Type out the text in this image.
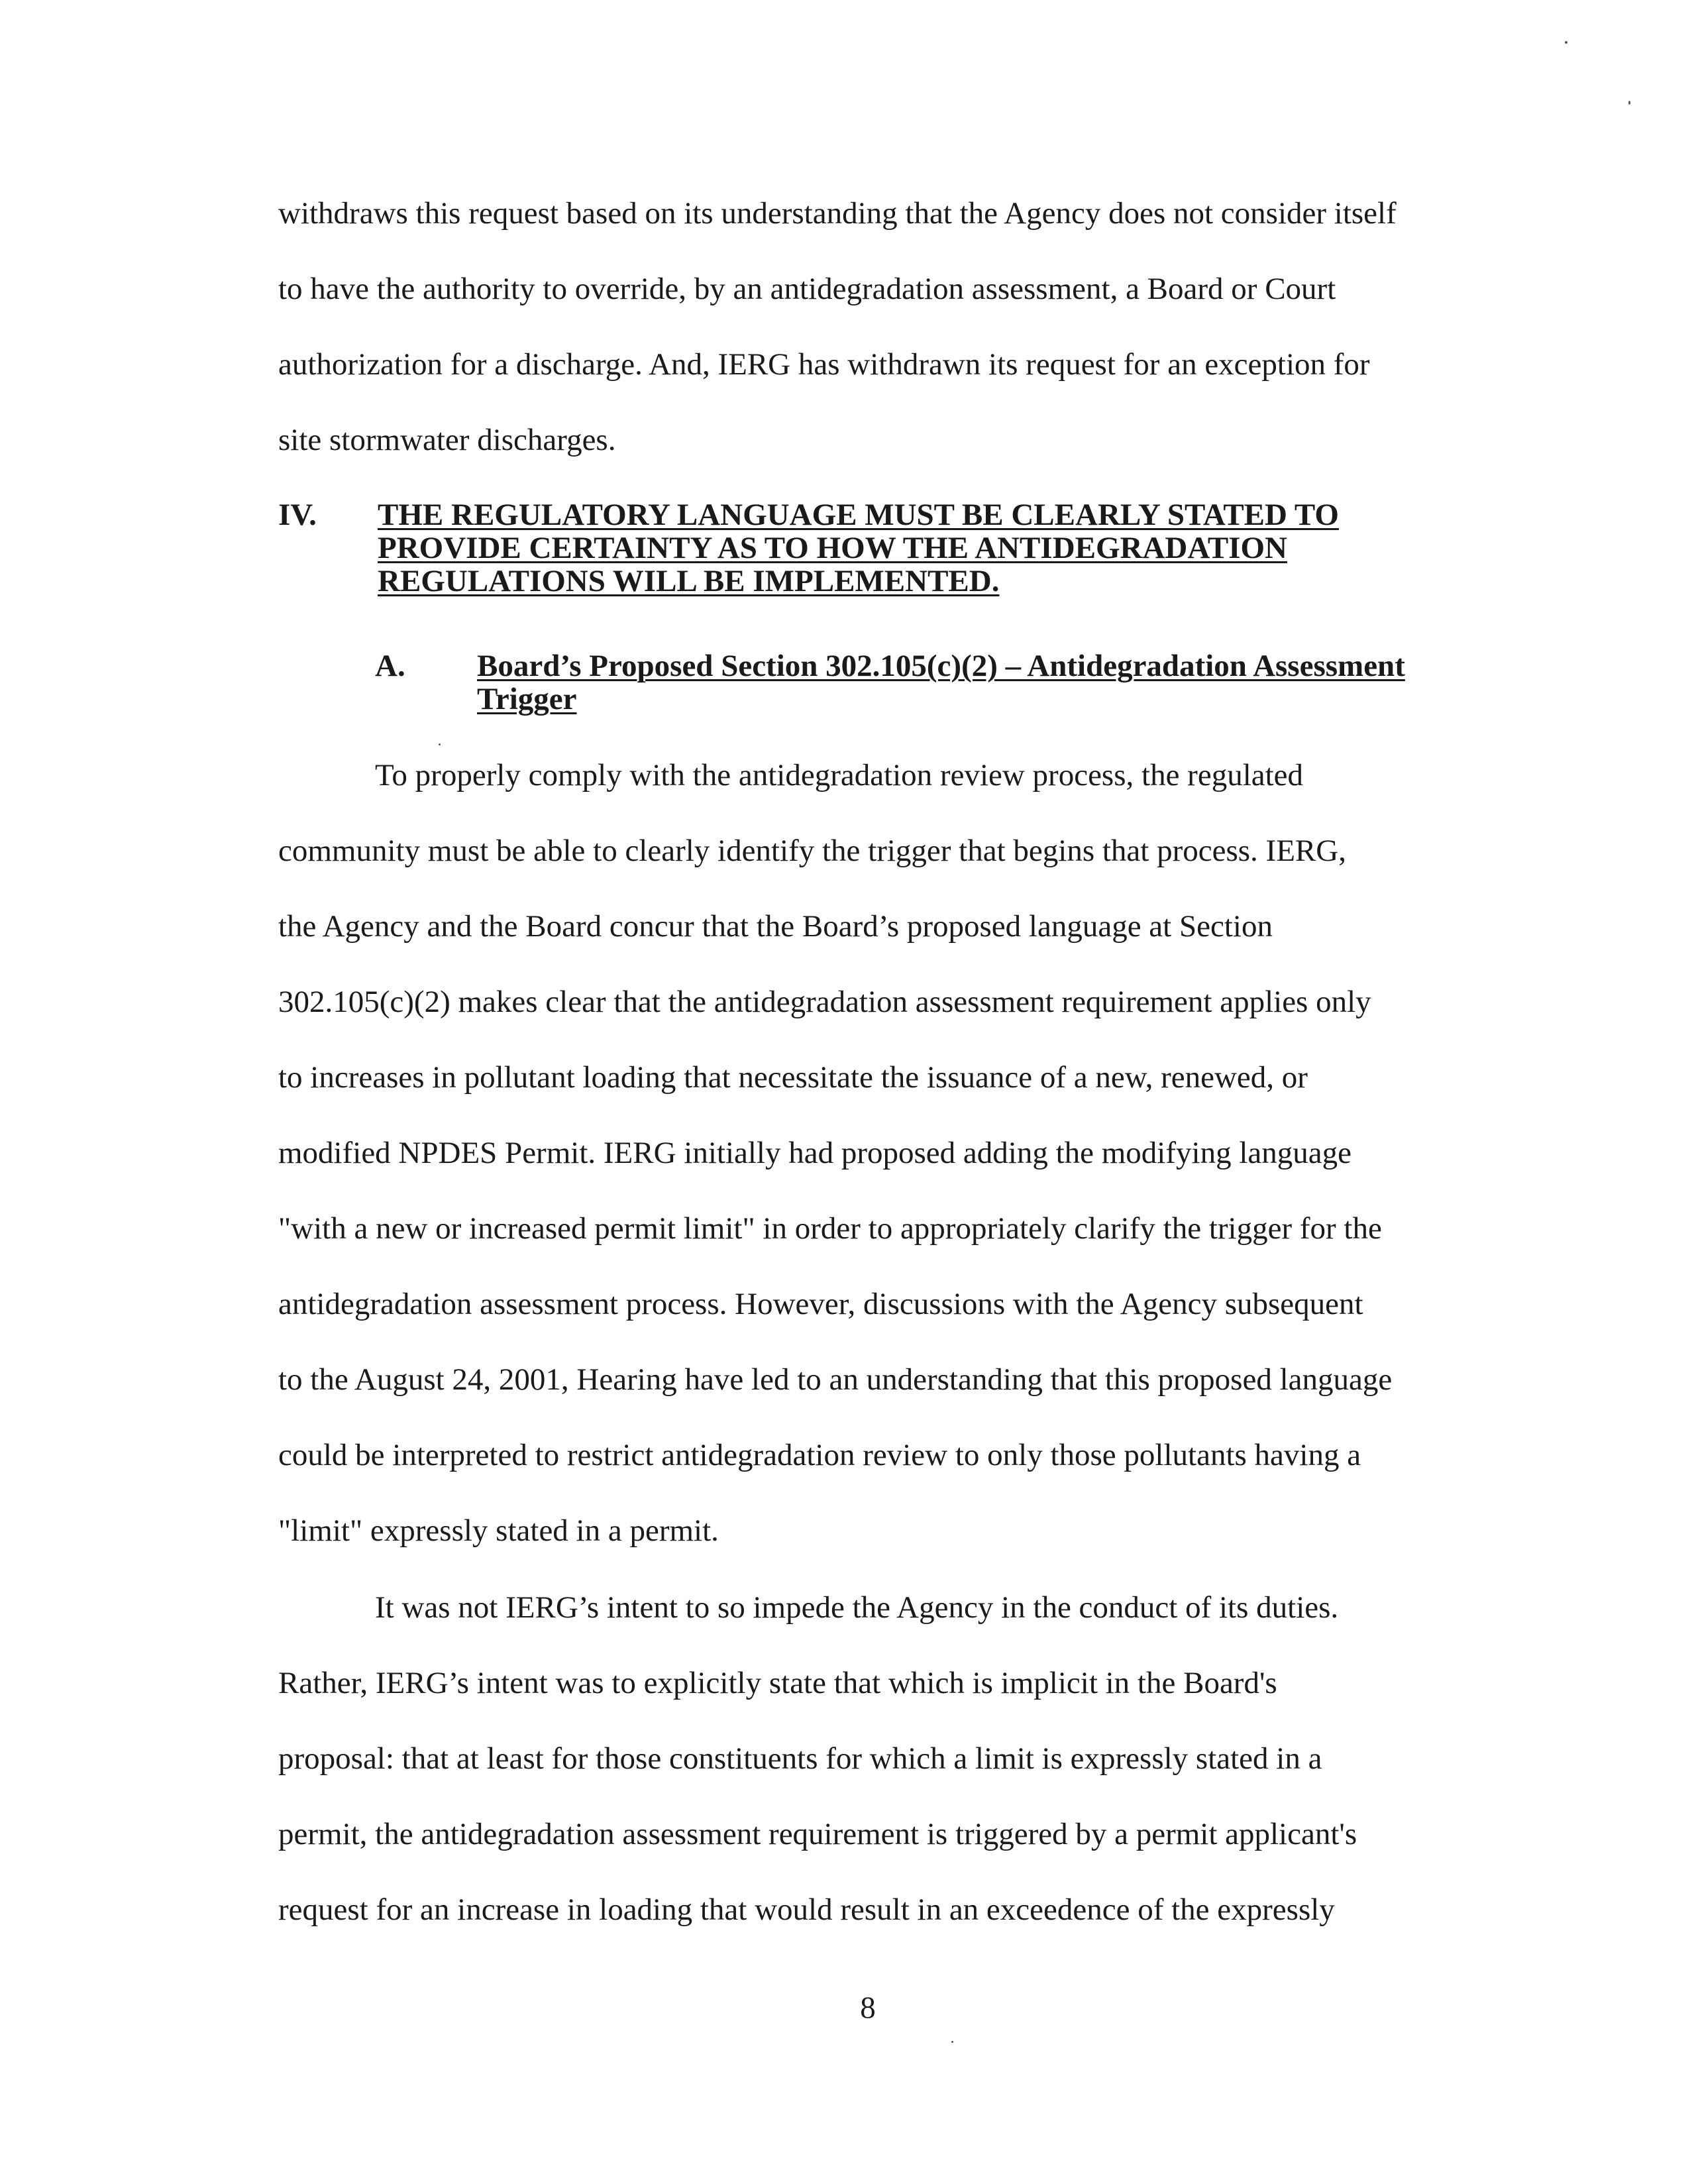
withdraws this request based on its understanding that the Agency does not consider itself
to have the authority to override, by an antidegradation assessment, a Board or Court
authorization for a discharge. And, IERG has withdrawn its request for an exception for
site stormwater discharges.
IV. THE REGULATORY LANGUAGE MUST BE CLEARLY STATED TO
PROVIDE CERTAINTY AS TO HOW THE ANTIDEGRADATION
REGULATIONS WILL BE IMPLEMENTED.
A. Board’s Proposed Section 302.105(c)(2) – Antidegradation Assessment
Trigger
To properly comply with the antidegradation review process, the regulated
community must be able to clearly identify the trigger that begins that process. IERG,
the Agency and the Board concur that the Board’s proposed language at Section
302.105(c)(2) makes clear that the antidegradation assessment requirement applies only
to increases in pollutant loading that necessitate the issuance of a new, renewed, or
modified NPDES Permit. IERG initially had proposed adding the modifying language
"with a new or increased permit limit" in order to appropriately clarify the trigger for the
antidegradation assessment process. However, discussions with the Agency subsequent
to the August 24, 2001, Hearing have led to an understanding that this proposed language
could be interpreted to restrict antidegradation review to only those pollutants having a
"limit" expressly stated in a permit.
It was not IERG’s intent to so impede the Agency in the conduct of its duties.
Rather, IERG’s intent was to explicitly state that which is implicit in the Board's
proposal: that at least for those constituents for which a limit is expressly stated in a
permit, the antidegradation assessment requirement is triggered by a permit applicant's
request for an increase in loading that would result in an exceedence of the expressly
8
